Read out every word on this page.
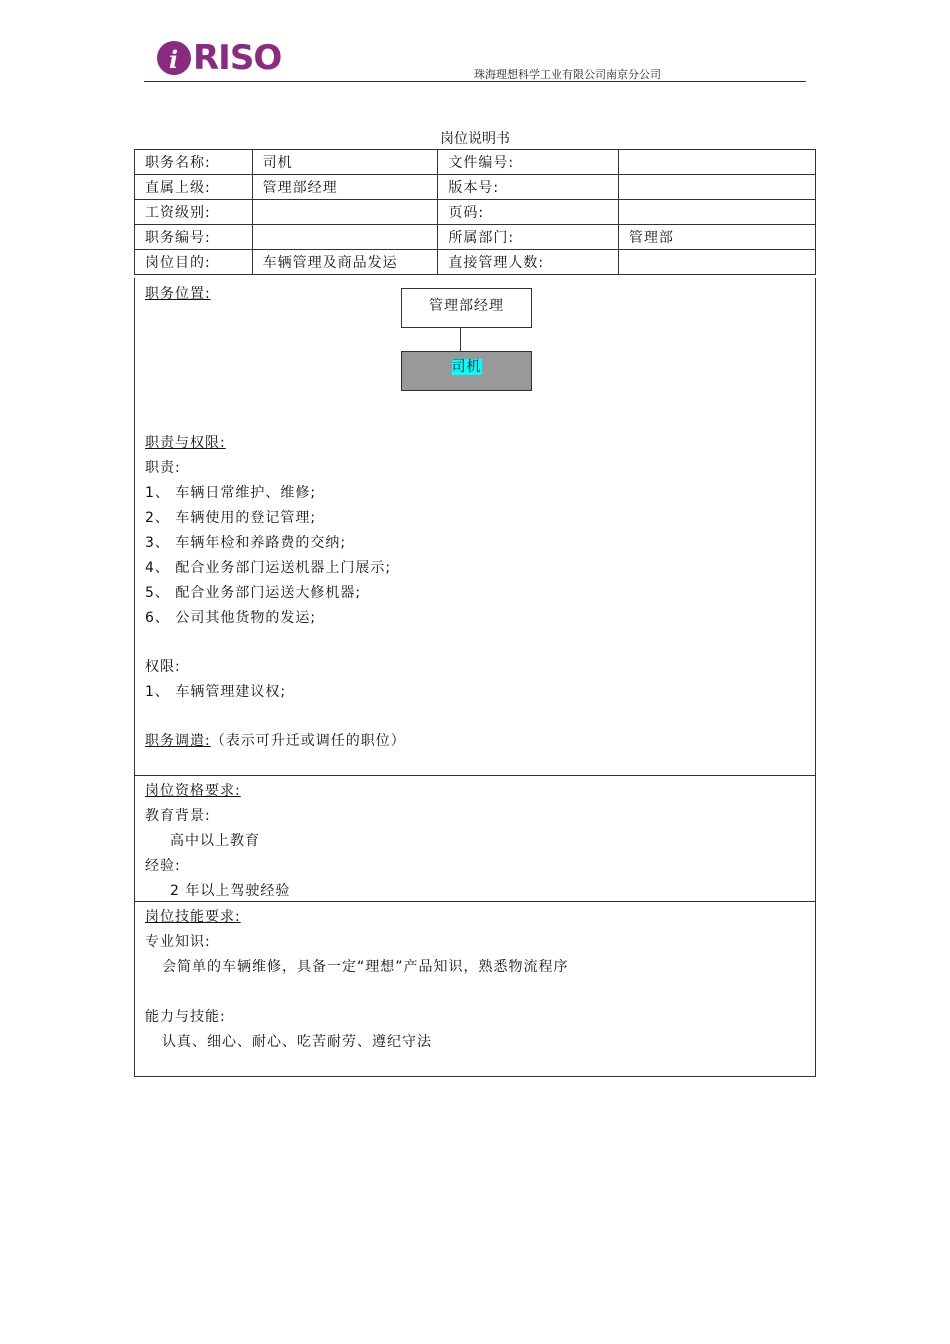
i RISO	珠海理想科学工业有限公司南京分公司
岗位说明书
职务名称:	司机	文件编号:	
直属上级:	管理部经理	版本号:	
工资级别:		页码:	
职务编号:		所属部门:	管理部
岗位目的:	车辆管理及商品发运	直接管理人数:	
职务位置:
管理部经理
司机
职责与权限:
职责:
1、 车辆日常维护、维修;
2、 车辆使用的登记管理;
3、 车辆年检和养路费的交纳;
4、 配合业务部门运送机器上门展示;
5、 配合业务部门运送大修机器;
6、 公司其他货物的发运;
权限:
1、 车辆管理建议权;
职务调遣:（表示可升迁或调任的职位）
岗位资格要求:
教育背景:
高中以上教育
经验:
2 年以上驾驶经验
岗位技能要求:
专业知识:
会简单的车辆维修，具备一定“理想”产品知识，熟悉物流程序
能力与技能:
认真、细心、耐心、吃苦耐劳、遵纪守法
